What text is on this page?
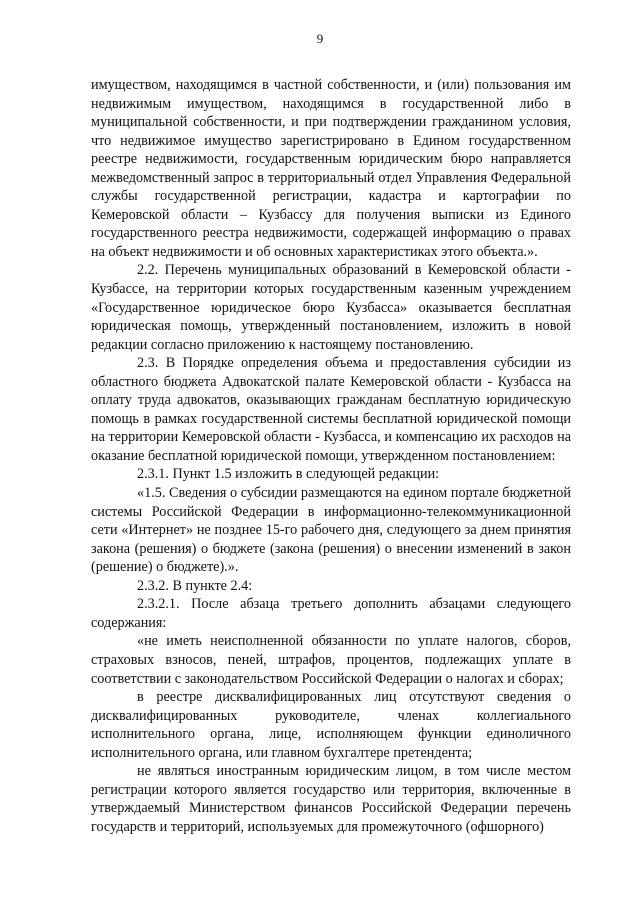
9

имуществом, находящимся в частной собственности, и (или) пользования им недвижимым имуществом, находящимся в государственной либо в муниципальной собственности, и при подтверждении гражданином условия, что недвижимое имущество зарегистрировано в Едином государственном реестре недвижимости, государственным юридическим бюро направляется межведомственный запрос в территориальный отдел Управления Федеральной службы государственной регистрации, кадастра и картографии по Кемеровской области – Кузбассу для получения выписки из Единого государственного реестра недвижимости, содержащей информацию о правах на объект недвижимости и об основных характеристиках этого объекта.».

2.2. Перечень муниципальных образований в Кемеровской области - Кузбассе, на территории которых государственным казенным учреждением «Государственное юридическое бюро Кузбасса» оказывается бесплатная юридическая помощь, утвержденный постановлением, изложить в новой редакции согласно приложению к настоящему постановлению.

2.3. В Порядке определения объема и предоставления субсидии из областного бюджета Адвокатской палате Кемеровской области - Кузбасса на оплату труда адвокатов, оказывающих гражданам бесплатную юридическую помощь в рамках государственной системы бесплатной юридической помощи на территории Кемеровской области - Кузбасса, и компенсацию их расходов на оказание бесплатной юридической помощи, утвержденном постановлением:

2.3.1. Пункт 1.5 изложить в следующей редакции:

«1.5. Сведения о субсидии размещаются на едином портале бюджетной системы Российской Федерации в информационно-телекоммуникационной сети «Интернет» не позднее 15-го рабочего дня, следующего за днем принятия закона (решения) о бюджете (закона (решения) о внесении изменений в закон (решение) о бюджете).».

2.3.2. В пункте 2.4:

2.3.2.1. После абзаца третьего дополнить абзацами следующего содержания:

«не иметь неисполненной обязанности по уплате налогов, сборов, страховых взносов, пеней, штрафов, процентов, подлежащих уплате в соответствии с законодательством Российской Федерации о налогах и сборах;

в реестре дисквалифицированных лиц отсутствуют сведения о дисквалифицированных руководителе, членах коллегиального исполнительного органа, лице, исполняющем функции единоличного исполнительного органа, или главном бухгалтере претендента;

не являться иностранным юридическим лицом, в том числе местом регистрации которого является государство или территория, включенные в утверждаемый Министерством финансов Российской Федерации перечень государств и территорий, используемых для промежуточного (офшорного)
